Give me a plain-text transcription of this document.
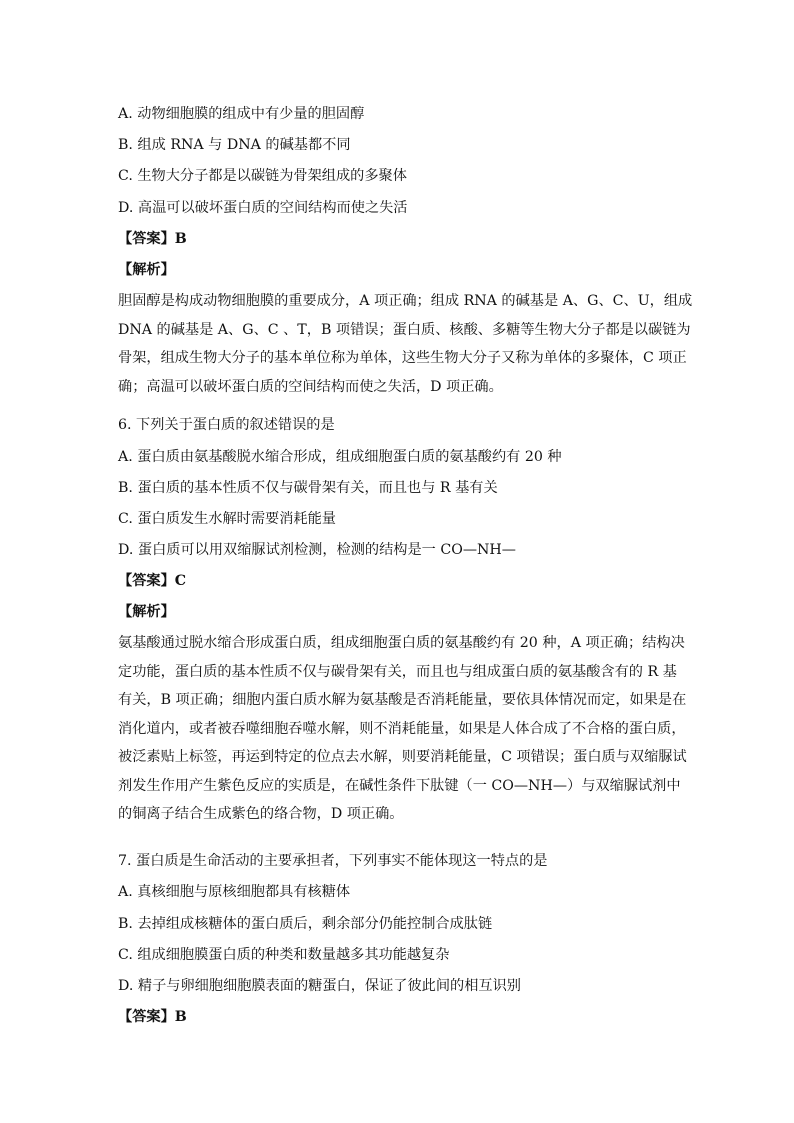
A. 动物细胞膜的组成中有少量的胆固醇
B. 组成 RNA 与 DNA 的碱基都不同
C. 生物大分子都是以碳链为骨架组成的多聚体
D. 高温可以破坏蛋白质的空间结构而使之失活
【答案】B
【解析】
胆固醇是构成动物细胞膜的重要成分，A 项正确；组成 RNA 的碱基是 A、G、C、U，组成
DNA 的碱基是 A、G、C 、T，B 项错误；蛋白质、核酸、多糖等生物大分子都是以碳链为
骨架，组成生物大分子的基本单位称为单体，这些生物大分子又称为单体的多聚体，C 项正
确；高温可以破坏蛋白质的空间结构而使之失活，D 项正确。
6. 下列关于蛋白质的叙述错误的是
A. 蛋白质由氨基酸脱水缩合形成，组成细胞蛋白质的氨基酸约有 20 种
B. 蛋白质的基本性质不仅与碳骨架有关，而且也与 R 基有关
C. 蛋白质发生水解时需要消耗能量
D. 蛋白质可以用双缩脲试剂检测，检测的结构是一 CO—NH—
【答案】C
【解析】
氨基酸通过脱水缩合形成蛋白质，组成细胞蛋白质的氨基酸约有 20 种，A 项正确；结构决
定功能，蛋白质的基本性质不仅与碳骨架有关，而且也与组成蛋白质的氨基酸含有的 R 基
有关，B 项正确；细胞内蛋白质水解为氨基酸是否消耗能量，要依具体情况而定，如果是在
消化道内，或者被吞噬细胞吞噬水解，则不消耗能量，如果是人体合成了不合格的蛋白质，
被泛素贴上标签，再运到特定的位点去水解，则要消耗能量，C 项错误；蛋白质与双缩脲试
剂发生作用产生紫色反应的实质是，在碱性条件下肽键（一 CO—NH—）与双缩脲试剂中
的铜离子结合生成紫色的络合物，D 项正确。
7. 蛋白质是生命活动的主要承担者，下列事实不能体现这一特点的是
A. 真核细胞与原核细胞都具有核糖体
B. 去掉组成核糖体的蛋白质后，剩余部分仍能控制合成肽链
C. 组成细胞膜蛋白质的种类和数量越多其功能越复杂
D. 精子与卵细胞细胞膜表面的糖蛋白，保证了彼此间的相互识别
【答案】B
